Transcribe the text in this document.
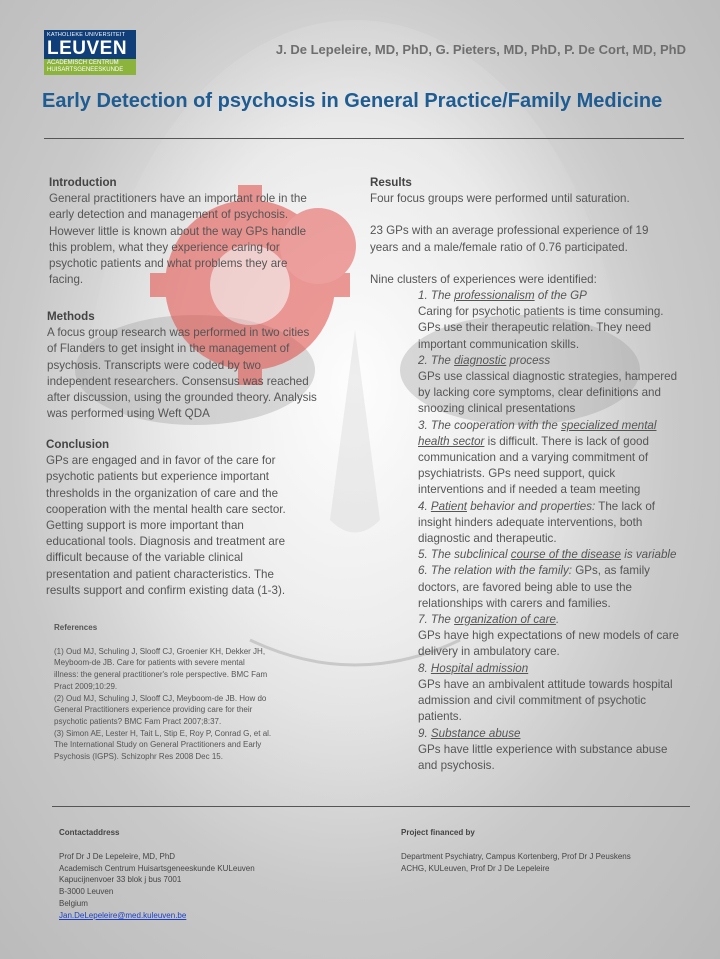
KATHOLIEKE UNIVERSITEIT
LEUVEN
ACADEMISCH CENTRUM
HUISARTSGENEESKUNDE
J. De Lepeleire, MD, PhD, G. Pieters, MD, PhD, P. De Cort, MD, PhD
Early Detection of psychosis in General Practice/Family Medicine
Introduction
General practitioners have an important role in the
early detection and management of psychosis.
However little is known about the way GPs handle
this problem, what they experience caring for
psychotic patients and what problems they are
facing.
Methods
A focus group research was performed in two cities
of Flanders to get insight in the management of
psychosis. Transcripts were coded by two
independent researchers. Consensus was reached
after discussion, using the grounded theory. Analysis
was performed using Weft QDA
Conclusion
GPs are engaged and in favor of the care for
psychotic patients but experience important
thresholds in the organization of care and the
cooperation with the mental health care sector.
Getting support is more important than
educational tools. Diagnosis and treatment are
difficult because of the variable clinical
presentation and patient characteristics. The
results support and confirm existing data (1-3).
References
(1) Oud MJ, Schuling J, Slooff CJ, Groenier KH, Dekker JH,
Meyboom-de JB. Care for patients with severe mental
illness: the general practitioner's role perspective. BMC Fam
Pract 2009;10:29.
(2) Oud MJ, Schuling J, Slooff CJ, Meyboom-de JB. How do
General Practitioners experience providing care for their
psychotic patients? BMC Fam Pract 2007;8:37.
(3) Simon AE, Lester H, Tait L, Stip E, Roy P, Conrad G, et al.
The International Study on General Practitioners and Early
Psychosis (IGPS). Schizophr Res 2008 Dec 15.
Results
Four focus groups were performed until saturation.
23 GPs with an average professional experience of 19
years and a male/female ratio of 0.76 participated.
Nine clusters of experiences were identified:
1. The professionalism of the GP
Caring for psychotic patients is time consuming.
GPs use their therapeutic relation. They need
important communication skills.
2. The diagnostic process
GPs use classical diagnostic strategies, hampered
by lacking core symptoms, clear definitions and
snoozing clinical presentations
3. The cooperation with the specialized mental
health sector is difficult. There is lack of good
communication and a varying commitment of
psychiatrists. GPs need support, quick
interventions and if needed a team meeting
4. Patient behavior and properties: The lack of
insight hinders adequate interventions, both
diagnostic and therapeutic.
5. The subclinical course of the disease is variable
6. The relation with the family: GPs, as family
doctors, are favored being able to use the
relationships with carers and families.
7. The organization of care.
GPs have high expectations of new models of care
delivery in ambulatory care.
8. Hospital admission
GPs have an ambivalent attitude towards hospital
admission and civil commitment of psychotic
patients.
9. Substance abuse
GPs have little experience with substance abuse
and psychosis.
Contactaddress
Prof Dr J De Lepeleire, MD, PhD
Academisch Centrum Huisartsgeneeskunde KULeuven
Kapucijnenvoer 33 blok j bus 7001
B-3000 Leuven
Belgium
Jan.DeLepeleire@med.kuleuven.be
Project financed by
Department Psychiatry, Campus Kortenberg, Prof Dr J Peuskens
ACHG, KULeuven, Prof Dr J De Lepeleire
